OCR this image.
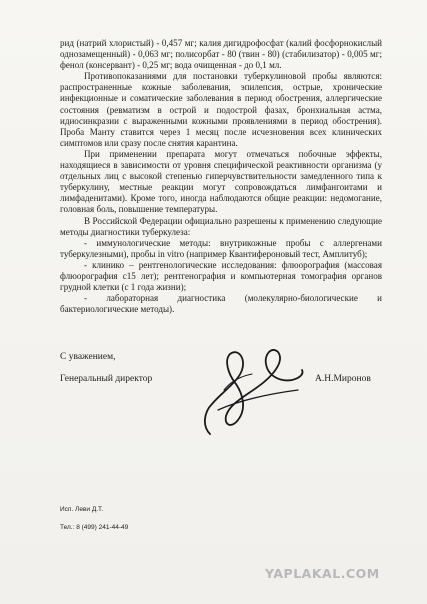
рид (натрий хлористый) - 0,457 мг; калия дигидрофосфат (калий фосфорнокислый однозамещенный) - 0,063 мг; полисорбат - 80 (твин - 80) (стабилизатор) - 0,005 мг; фенол (консервант) - 0,25 мг; вода очищенная - до 0,1 мл.

Противопоказаниями для постановки туберкулиновой пробы являются: распространенные кожные заболевания, эпилепсия, острые, хронические инфекционные и соматические заболевания в период обострения, аллергические состояния (ревматизм в острой и подострой фазах, бронхиальная астма, идиосинкразии с выраженными кожными проявлениями в период обострения). Проба Манту ставится через 1 месяц после исчезновения всех клинических симптомов или сразу после снятия карантина.

При применении препарата могут отмечаться побочные эффекты, находящиеся в зависимости от уровня специфической реактивности организма (у отдельных лиц с высокой степенью гиперчувствительности замедленного типа к туберкулину, местные реакции могут сопровождаться лимфангоитами и лимфаденитами). Кроме того, иногда наблюдаются общие реакции: недомогание, головная боль, повышение температуры.

В Российской Федерации официально разрешены к применению следующие методы диагностики туберкулеза:

- иммунологические методы: внутрикожные пробы с аллергенами туберкулезными), пробы in vitro (например Квантифероновый тест, Амплитуб);

- клинико – рентгенологические исследования: флюорография (массовая флюорография с15 лет); рентгенография и компьютерная томография органов грудной клетки (с 1 года жизни);

- лабораторная диагностика (молекулярно-биологические и бактериологические методы).

С уважением,
Генеральный директор	А.Н.Миронов
Исп. Леви Д.Т.
Тел.: 8 (499) 241-44-49
YAPLAKAL.COM
